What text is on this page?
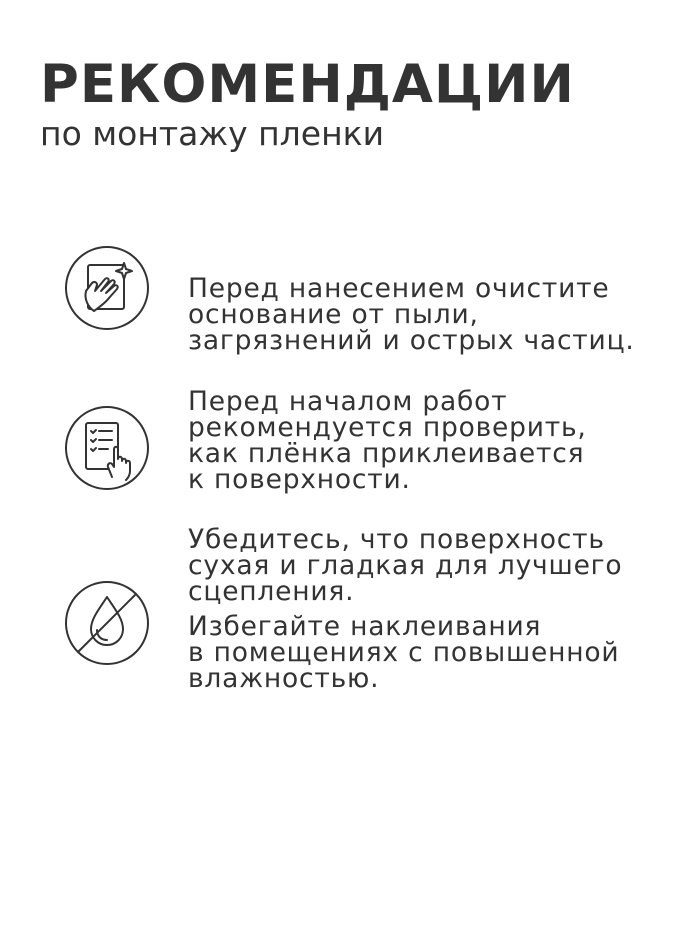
РЕКОМЕНДАЦИИ
по монтажу пленки

Перед нанесением очистите
основание от пыли,
загрязнений и острых частиц.

Перед началом работ
рекомендуется проверить,
как плёнка приклеивается
к поверхности.

Убедитесь, что поверхность
сухая и гладкая для лучшего
сцепления.

Избегайте наклеивания
в помещениях с повышенной
влажностью.
